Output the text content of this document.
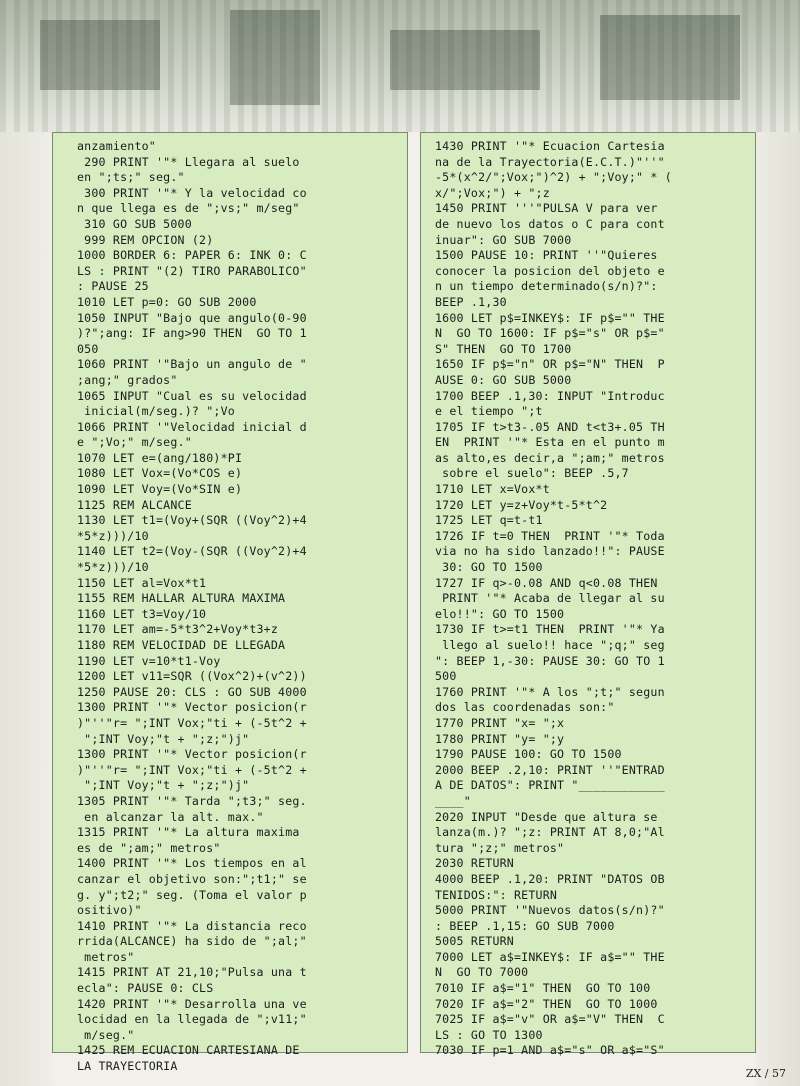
anzamiento"
290 PRINT '"* Llegara al suelo
en ";ts;" seg."
300 PRINT '"* Y la velocidad co
n que llega es de ";vs;" m/seg"
310 GO SUB 5000
999 REM OPCION (2)
1000 BORDER 6: PAPER 6: INK 0: C
LS : PRINT "(2) TIRO PARABOLICO"
: PAUSE 25
1010 LET p=0: GO SUB 2000
1050 INPUT "Bajo que angulo(0-90
)?";ang: IF ang>90 THEN  GO TO 1
050
1060 PRINT '"Bajo un angulo de "
;ang;" grados"
1065 INPUT "Cual es su velocidad
inicial(m/seg.)? ";Vo
1066 PRINT '"Velocidad inicial d
e ";Vo;" m/seg."
1070 LET e=(ang/180)*PI
1080 LET Vox=(Vo*COS e)
1090 LET Voy=(Vo*SIN e)
1125 REM ALCANCE
1130 LET t1=(Voy+(SQR ((Voy^2)+4
*5*z)))/10
1140 LET t2=(Voy-(SQR ((Voy^2)+4
*5*z)))/10
1150 LET al=Vox*t1
1155 REM HALLAR ALTURA MAXIMA
1160 LET t3=Voy/10
1170 LET am=-5*t3^2+Voy*t3+z
1180 REM VELOCIDAD DE LLEGADA
1190 LET v=10*t1-Voy
1200 LET v11=SQR ((Vox^2)+(v^2))
1250 PAUSE 20: CLS : GO SUB 4000
1300 PRINT '"* Vector posicion(r
)"''"r= ";INT Vox;"ti + (-5t^2 +
";INT Voy;"t + ";z;")j"
1300 PRINT '"* Vector posicion(r
)"''"r= ";INT Vox;"ti + (-5t^2 +
";INT Voy;"t + ";z;")j"
1305 PRINT '"* Tarda ";t3;" seg.
en alcanzar la alt. max."
1315 PRINT '"* La altura maxima
es de ";am;" metros"
1400 PRINT '"* Los tiempos en al
canzar el objetivo son:";t1;" se
g. y";t2;" seg. (Toma el valor p
ositivo)"
1410 PRINT '"* La distancia reco
rrida(ALCANCE) ha sido de ";al;"
metros"
1415 PRINT AT 21,10;"Pulsa una t
ecla": PAUSE 0: CLS
1420 PRINT '"* Desarrolla una ve
locidad en la llegada de ";v11;"
m/seg."
1425 REM ECUACION CARTESIANA DE
LA TRAYECTORIA
1430 PRINT '"* Ecuacion Cartesia
na de la Trayectoria(E.C.T.)"''"
-5*(x^2/";Vox;")^2) + ";Voy;" * (
x/";Vox;") + ";z
1450 PRINT '''"PULSA V para ver
de nuevo los datos o C para cont
inuar": GO SUB 7000
1500 PAUSE 10: PRINT ''"Quieres
conocer la posicion del objeto e
n un tiempo determinado(s/n)?":
BEEP .1,30
1600 LET p$=INKEY$: IF p$="" THE
N  GO TO 1600: IF p$="s" OR p$="
S" THEN  GO TO 1700
1650 IF p$="n" OR p$="N" THEN  P
AUSE 0: GO SUB 5000
1700 BEEP .1,30: INPUT "Introduc
e el tiempo ";t
1705 IF t>t3-.05 AND t<t3+.05 TH
EN  PRINT '"* Esta en el punto m
as alto,es decir,a ";am;" metros
sobre el suelo": BEEP .5,7
1710 LET x=Vox*t
1720 LET y=z+Voy*t-5*t^2
1725 LET q=t-t1
1726 IF t=0 THEN  PRINT '"* Toda
via no ha sido lanzado!!": PAUSE
30: GO TO 1500
1727 IF q>-0.08 AND q<0.08 THEN
PRINT '"* Acaba de llegar al su
elo!!": GO TO 1500
1730 IF t>=t1 THEN  PRINT '"* Ya
llego al suelo!! hace ";q;" seg
": BEEP 1,-30: PAUSE 30: GO TO 1
500
1760 PRINT '"* A los ";t;" segun
dos las coordenadas son:"
1770 PRINT "x= ";x
1780 PRINT "y= ";y
1790 PAUSE 100: GO TO 1500
2000 BEEP .2,10: PRINT ''"ENTRAD
A DE DATOS": PRINT "____________
____"
2020 INPUT "Desde que altura se
lanza(m.)? ";z: PRINT AT 8,0;"Al
tura ";z;" metros"
2030 RETURN
4000 BEEP .1,20: PRINT "DATOS OB
TENIDOS:": RETURN
5000 PRINT '"Nuevos datos(s/n)?"
: BEEP .1,15: GO SUB 7000
5005 RETURN
7000 LET a$=INKEY$: IF a$="" THE
N  GO TO 7000
7010 IF a$="1" THEN  GO TO 100
7020 IF a$="2" THEN  GO TO 1000
7025 IF a$="v" OR a$="V" THEN  C
LS : GO TO 1300
7030 IF p=1 AND a$="s" OR a$="S"
ZX / 57
